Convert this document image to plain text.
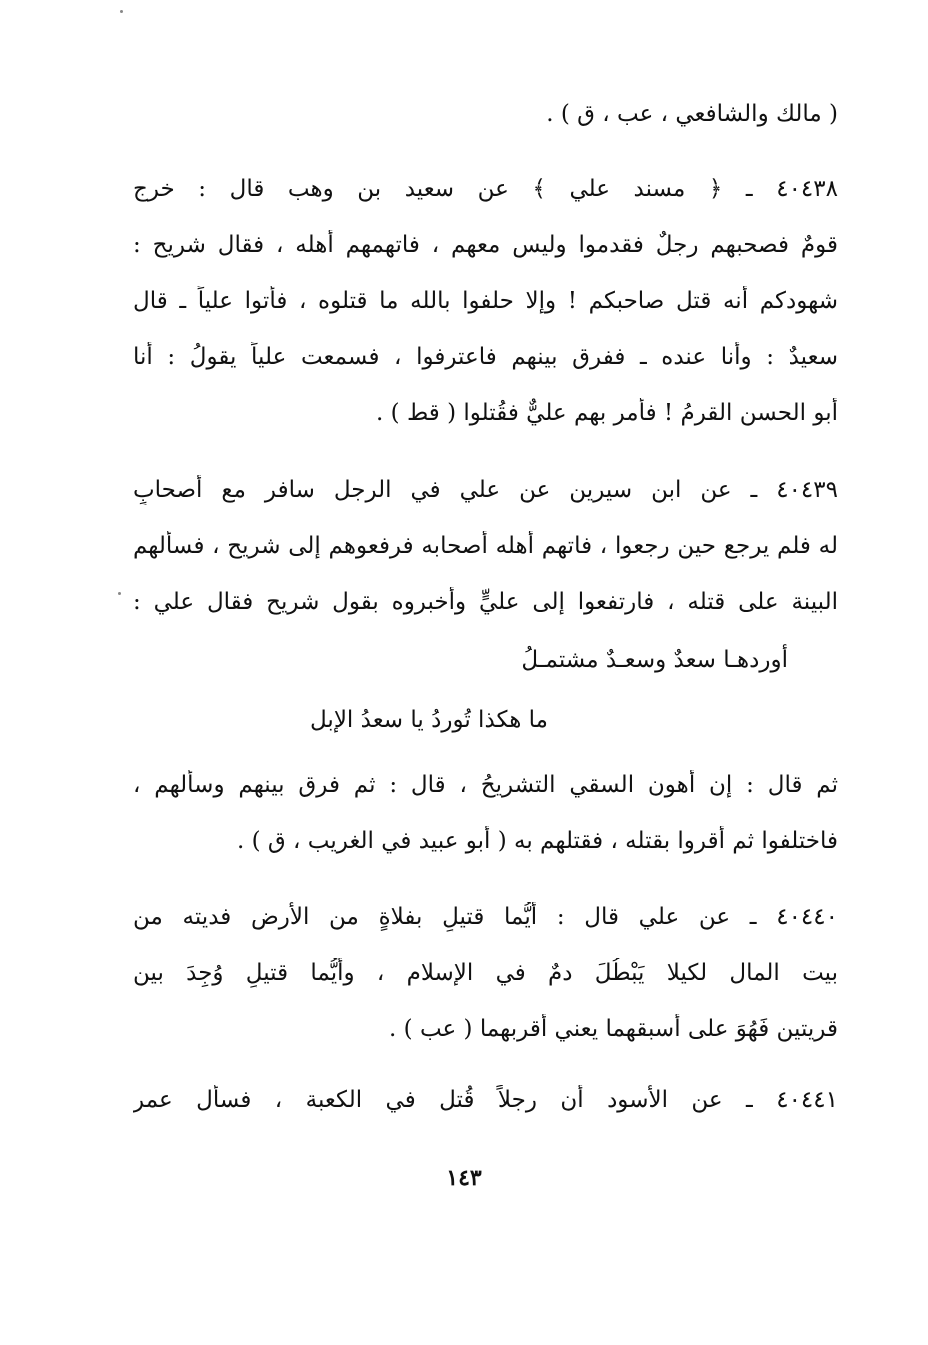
( مالك والشافعي ، عب ، ق ) .
٤٠٤٣٨ ـ ﴿ مسند علي ﴾ عن سعيد بن وهب قال : خرج
قومٌ فصحبهم رجلٌ فقدموا وليس معهم ، فاتهمهم أهله ، فقال شريح :
شهودكم أنه قتل صاحبكم ! وإلا حلفوا بالله ما قتلوه ، فأتوا علياً ـ قال
سعيدٌ : وأنا عنده ـ ففرق بينهم فاعترفوا ، فسمعت علياً يقولُ : أنا
أبو الحسن القرمُ ! فأمر بهم عليٌّ فقُتلوا ( قط ) .
٤٠٤٣٩ ـ عن ابن سيرين عن علي في الرجل سافر مع أصحابٍ
له فلم يرجع حين رجعوا ، فاتهم أهله أصحابه فرفعوهم إلى شريح ، فسألهم
البينة على قتله ، فارتفعوا إلى عليٍّ وأخبروه بقول شريح فقال علي :
أوردهـا سعدٌ وسعـدٌ مشتمـلُ
ما هكذا تُوردُ يا سعدُ الإبل
ثم قال : إن أهون السقي التشريحُ ، قال : ثم فرق بينهم وسألهم ،
فاختلفوا ثم أقروا بقتله ، فقتلهم به ( أبو عبيد في الغريب ، ق ) .
٤٠٤٤٠ ـ عن علي قال : أيُّما قتيلٍ بفلاةٍ من الأرض فديته من
بيت المال لكيلا يَبْطُلَ دمٌ في الإسلام ، وأيُّما قتيلٍ وُجِدَ بين
قريتين فَهُوَ على أسبقهما يعني أقربهما ( عب ) .
٤٠٤٤١ ـ عن الأسود أن رجلاً قُتل في الكعبة ، فسأل عمر
١٤٣
